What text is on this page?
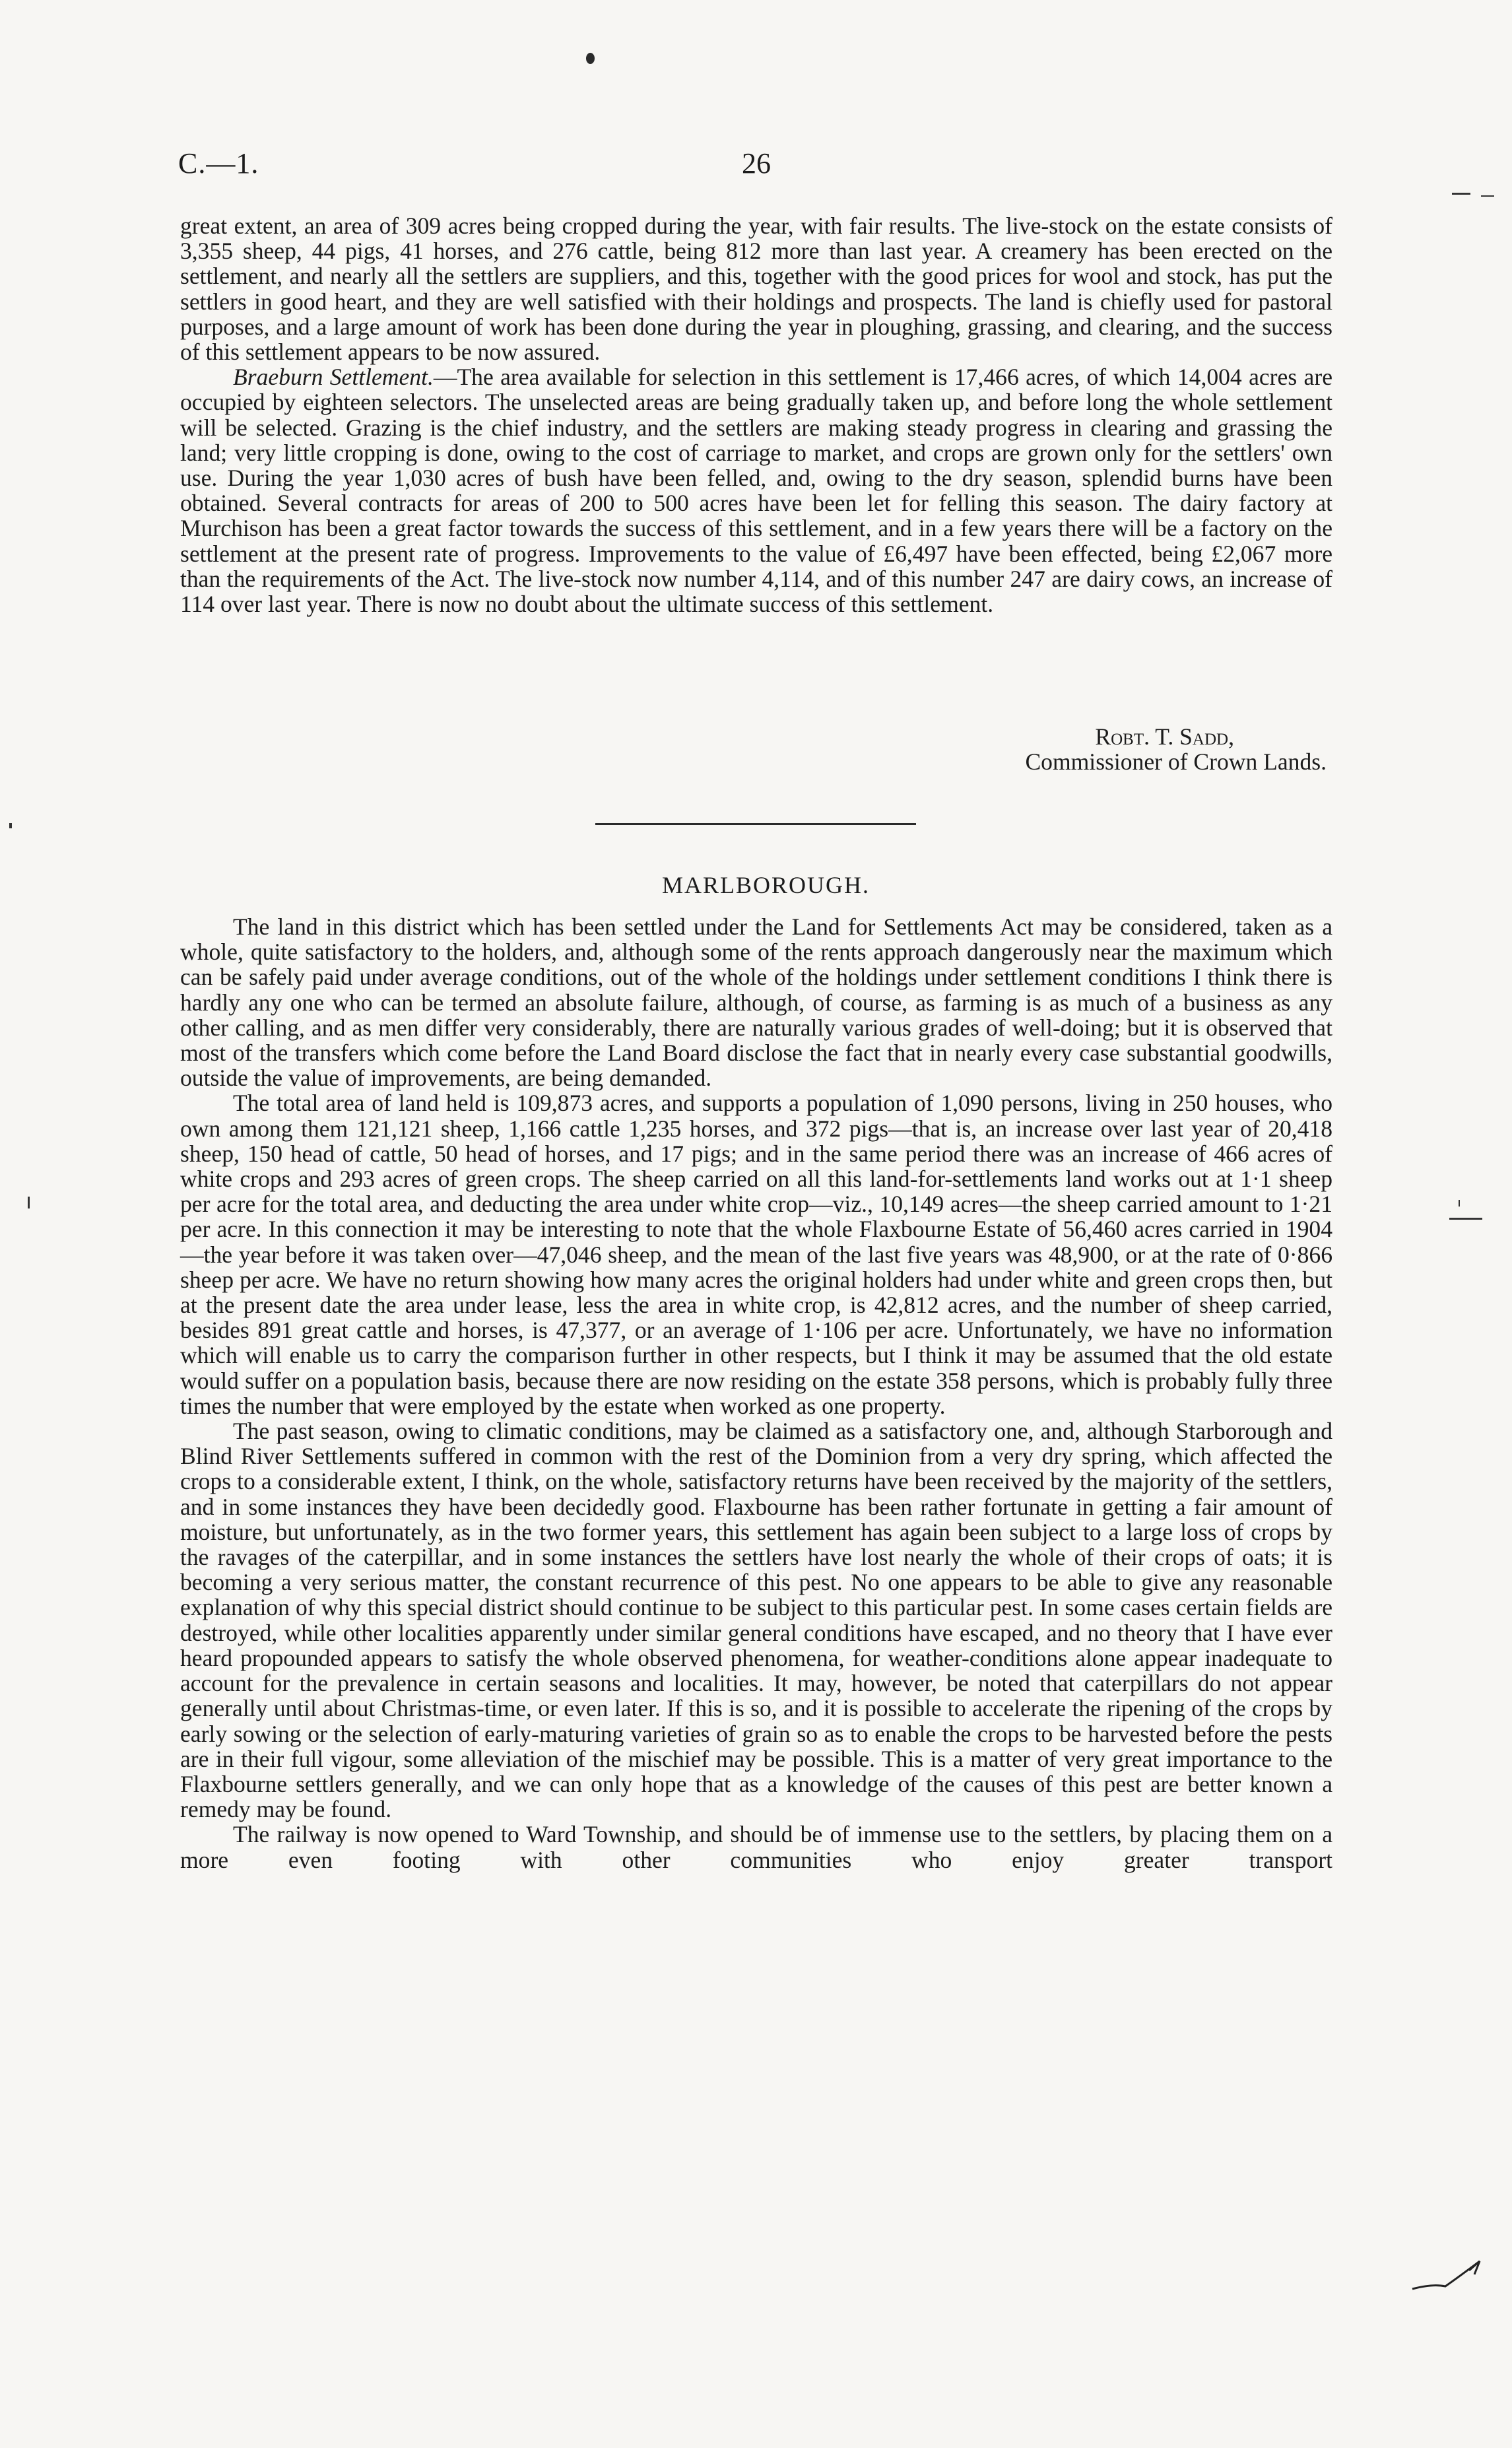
C.—1.	26

great extent, an area of 309 acres being cropped during the year, with fair results. The live-stock on the estate consists of 3,355 sheep, 44 pigs, 41 horses, and 276 cattle, being 812 more than last year. A creamery has been erected on the settlement, and nearly all the settlers are suppliers, and this, together with the good prices for wool and stock, has put the settlers in good heart, and they are well satisfied with their holdings and prospects. The land is chiefly used for pastoral purposes, and a large amount of work has been done during the year in ploughing, grassing, and clearing, and the success of this settlement appears to be now assured.

Braeburn Settlement.—The area available for selection in this settlement is 17,466 acres, of which 14,004 acres are occupied by eighteen selectors. The unselected areas are being gradually taken up, and before long the whole settlement will be selected. Grazing is the chief industry, and the settlers are making steady progress in clearing and grassing the land; very little cropping is done, owing to the cost of carriage to market, and crops are grown only for the settlers' own use. During the year 1,030 acres of bush have been felled, and, owing to the dry season, splendid burns have been obtained. Several contracts for areas of 200 to 500 acres have been let for felling this season. The dairy factory at Murchison has been a great factor towards the success of this settlement, and in a few years there will be a factory on the settlement at the present rate of progress. Improvements to the value of £6,497 have been effected, being £2,067 more than the requirements of the Act. The live-stock now number 4,114, and of this number 247 are dairy cows, an increase of 114 over last year. There is now no doubt about the ultimate success of this settlement.

Robt. T. Sadd,
Commissioner of Crown Lands.
MARLBOROUGH.

The land in this district which has been settled under the Land for Settlements Act may be considered, taken as a whole, quite satisfactory to the holders, and, although some of the rents approach dangerously near the maximum which can be safely paid under average conditions, out of the whole of the holdings under settlement conditions I think there is hardly any one who can be termed an absolute failure, although, of course, as farming is as much of a business as any other calling, and as men differ very considerably, there are naturally various grades of well-doing; but it is observed that most of the transfers which come before the Land Board disclose the fact that in nearly every case substantial goodwills, outside the value of improvements, are being demanded.

The total area of land held is 109,873 acres, and supports a population of 1,090 persons, living in 250 houses, who own among them 121,121 sheep, 1,166 cattle 1,235 horses, and 372 pigs—that is, an increase over last year of 20,418 sheep, 150 head of cattle, 50 head of horses, and 17 pigs; and in the same period there was an increase of 466 acres of white crops and 293 acres of green crops. The sheep carried on all this land-for-settlements land works out at 1·1 sheep per acre for the total area, and deducting the area under white crop—viz., 10,149 acres—the sheep carried amount to 1·21 per acre. In this connection it may be interesting to note that the whole Flaxbourne Estate of 56,460 acres carried in 1904—the year before it was taken over—47,046 sheep, and the mean of the last five years was 48,900, or at the rate of 0·866 sheep per acre. We have no return showing how many acres the original holders had under white and green crops then, but at the present date the area under lease, less the area in white crop, is 42,812 acres, and the number of sheep carried, besides 891 great cattle and horses, is 47,377, or an average of 1·106 per acre. Unfortunately, we have no information which will enable us to carry the comparison further in other respects, but I think it may be assumed that the old estate would suffer on a population basis, because there are now residing on the estate 358 persons, which is probably fully three times the number that were employed by the estate when worked as one property.

The past season, owing to climatic conditions, may be claimed as a satisfactory one, and, although Starborough and Blind River Settlements suffered in common with the rest of the Dominion from a very dry spring, which affected the crops to a considerable extent, I think, on the whole, satisfactory returns have been received by the majority of the settlers, and in some instances they have been decidedly good. Flaxbourne has been rather fortunate in getting a fair amount of moisture, but unfortunately, as in the two former years, this settlement has again been subject to a large loss of crops by the ravages of the caterpillar, and in some instances the settlers have lost nearly the whole of their crops of oats; it is becoming a very serious matter, the constant recurrence of this pest. No one appears to be able to give any reasonable explanation of why this special district should continue to be subject to this particular pest. In some cases certain fields are destroyed, while other localities apparently under similar general conditions have escaped, and no theory that I have ever heard propounded appears to satisfy the whole observed phenomena, for weather-conditions alone appear inadequate to account for the prevalence in certain seasons and localities. It may, however, be noted that caterpillars do not appear generally until about Christmas-time, or even later. If this is so, and it is possible to accelerate the ripening of the crops by early sowing or the selection of early-maturing varieties of grain so as to enable the crops to be harvested before the pests are in their full vigour, some alleviation of the mischief may be possible. This is a matter of very great importance to the Flaxbourne settlers generally, and we can only hope that as a knowledge of the causes of this pest are better known a remedy may be found.

The railway is now opened to Ward Township, and should be of immense use to the settlers, by placing them on a more even footing with other communities who enjoy greater transport
